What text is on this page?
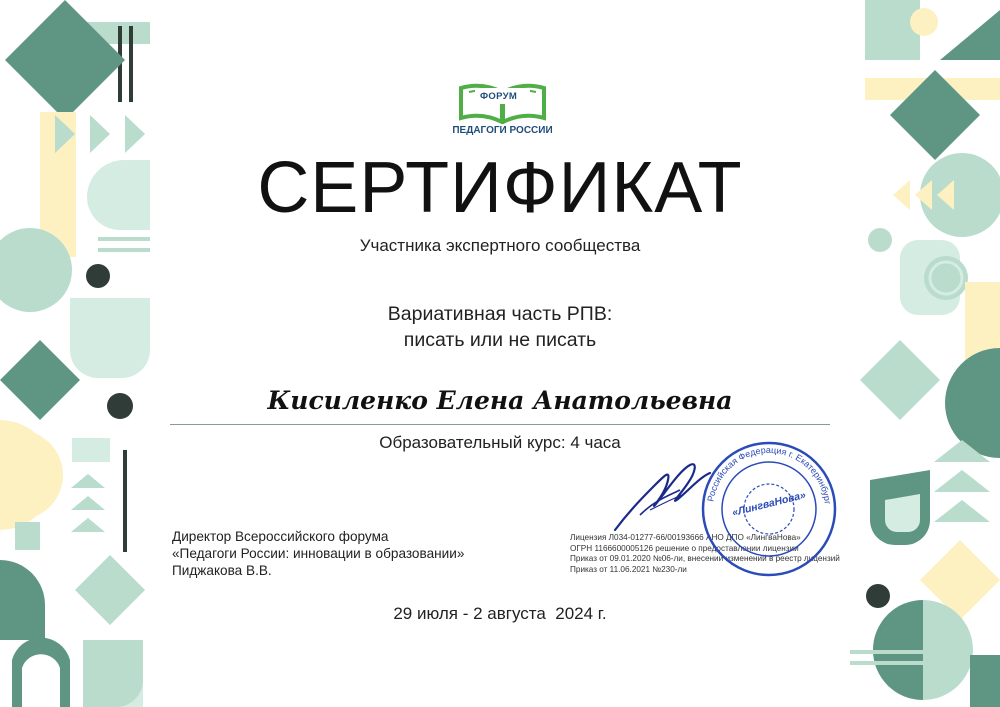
ФОРУМ
ПЕДАГОГИ РОССИИ
СЕРТИФИКАТ
Участника экспертного сообщества
Вариативная часть РПВ:
писать или не писать
Кисиленко Елена Анатольевна
Образовательный курс: 4 часа
Директор Всероссийского форума
«Педагоги России: инновации в образовании»
Пиджакова В.В.
Лицензия Л034-01277-66/00193666 АНО ДПО «ЛингваНова»
ОГРН 1166600005126 решение о предоставлении лицензии
Приказ от 09.01.2020 №06-ли, внесении изменений в реестр лицензий
Приказ от 11.06.2021 №230-ли
Российская Федерация г. Екатеринбург
«ЛингваНова»
29 июля - 2 августа  2024 г.
